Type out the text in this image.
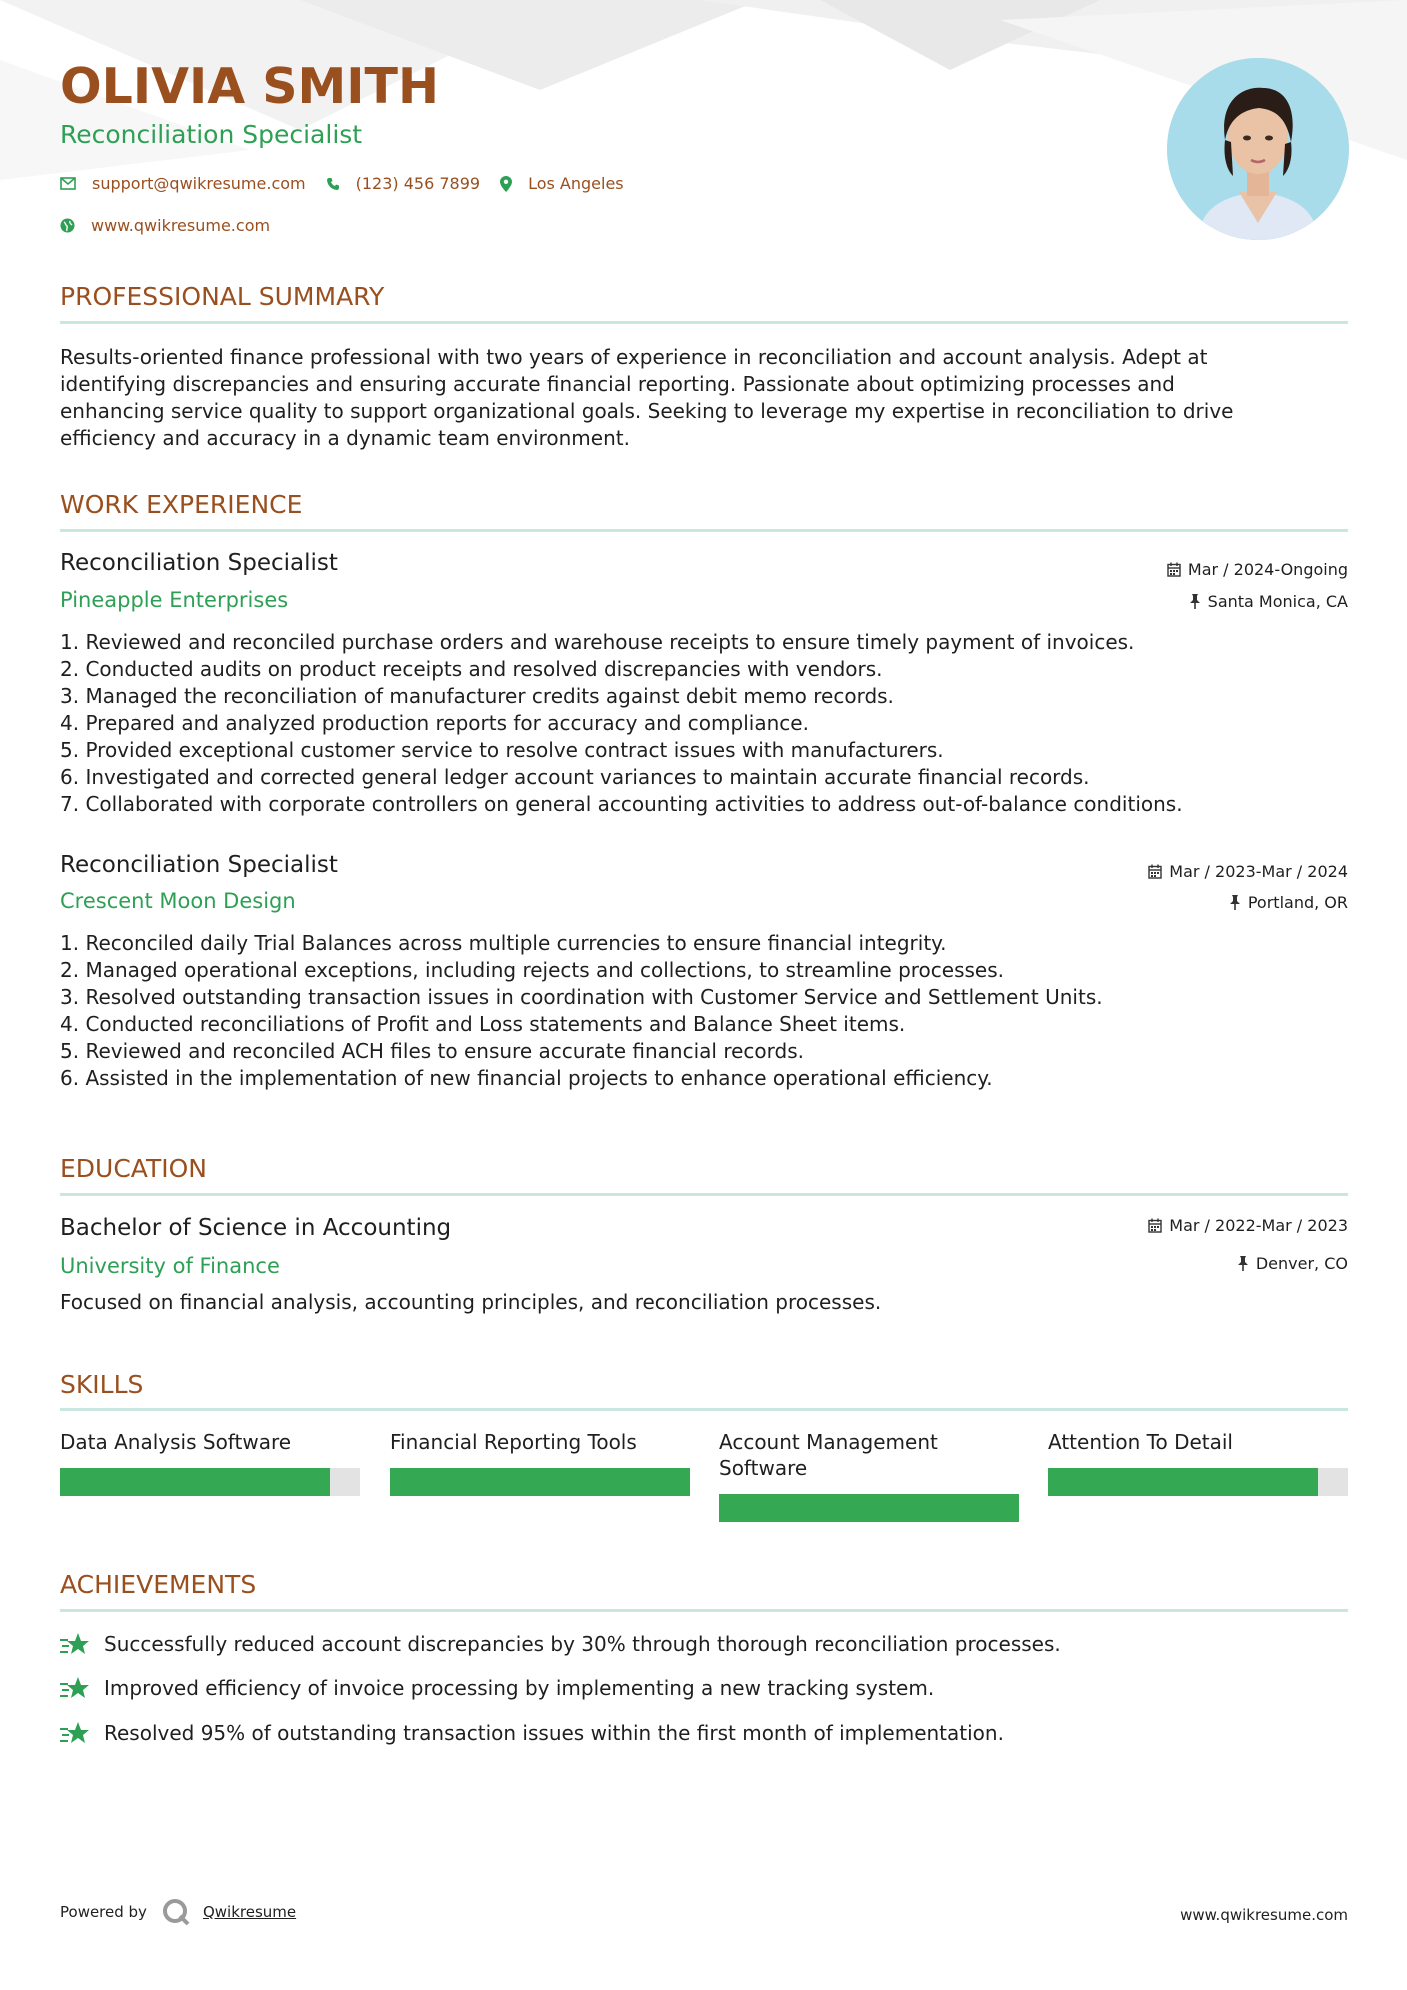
OLIVIA SMITH
Reconciliation Specialist
support@qwikresume.com	(123) 456 7899	Los Angeles
www.qwikresume.com
PROFESSIONAL SUMMARY
Results-oriented finance professional with two years of experience in reconciliation and account analysis. Adept at
identifying discrepancies and ensuring accurate financial reporting. Passionate about optimizing processes and
enhancing service quality to support organizational goals. Seeking to leverage my expertise in reconciliation to drive
efficiency and accuracy in a dynamic team environment.
WORK EXPERIENCE
Reconciliation Specialist
Pineapple Enterprises
Mar / 2024-Ongoing
Santa Monica, CA
1. Reviewed and reconciled purchase orders and warehouse receipts to ensure timely payment of invoices.
2. Conducted audits on product receipts and resolved discrepancies with vendors.
3. Managed the reconciliation of manufacturer credits against debit memo records.
4. Prepared and analyzed production reports for accuracy and compliance.
5. Provided exceptional customer service to resolve contract issues with manufacturers.
6. Investigated and corrected general ledger account variances to maintain accurate financial records.
7. Collaborated with corporate controllers on general accounting activities to address out-of-balance conditions.
Reconciliation Specialist
Crescent Moon Design
Mar / 2023-Mar / 2024
Portland, OR
1. Reconciled daily Trial Balances across multiple currencies to ensure financial integrity.
2. Managed operational exceptions, including rejects and collections, to streamline processes.
3. Resolved outstanding transaction issues in coordination with Customer Service and Settlement Units.
4. Conducted reconciliations of Profit and Loss statements and Balance Sheet items.
5. Reviewed and reconciled ACH files to ensure accurate financial records.
6. Assisted in the implementation of new financial projects to enhance operational efficiency.
EDUCATION
Bachelor of Science in Accounting
University of Finance
Mar / 2022-Mar / 2023
Denver, CO
Focused on financial analysis, accounting principles, and reconciliation processes.
SKILLS
Data Analysis Software	Financial Reporting Tools	Account Management Software
Attention To Detail
ACHIEVEMENTS
Successfully reduced account discrepancies by 30% through thorough reconciliation processes.
Improved efficiency of invoice processing by implementing a new tracking system.
Resolved 95% of outstanding transaction issues within the first month of implementation.
Powered by	Qwikresume	www.qwikresume.com
